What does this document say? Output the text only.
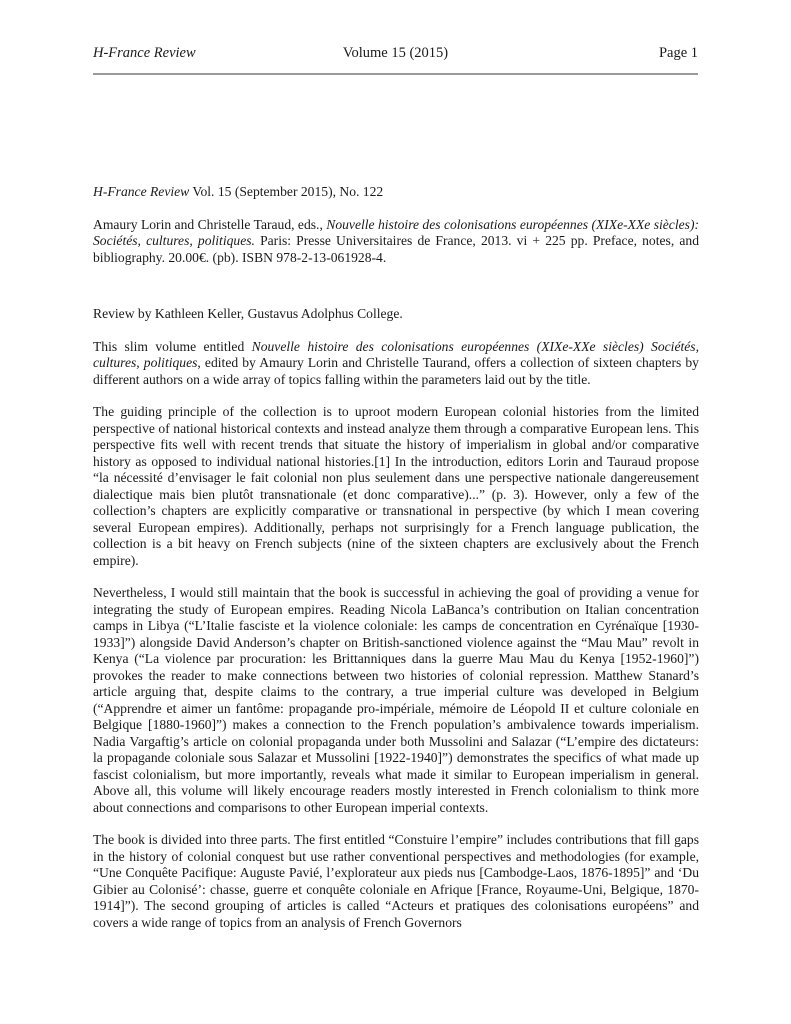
H-France Review	Volume 15 (2015)	Page 1

H-France Review Vol. 15 (September 2015), No. 122

Amaury Lorin and Christelle Taraud, eds., Nouvelle histoire des colonisations européennes (XIXe-XXe siècles): Sociétés, cultures, politiques. Paris: Presse Universitaires de France, 2013. vi + 225 pp. Preface, notes, and bibliography. 20.00€. (pb). ISBN 978-2-13-061928-4.

Review by Kathleen Keller, Gustavus Adolphus College.

This slim volume entitled Nouvelle histoire des colonisations européennes (XIXe-XXe siècles) Sociétés, cultures, politiques, edited by Amaury Lorin and Christelle Taurand, offers a collection of sixteen chapters by different authors on a wide array of topics falling within the parameters laid out by the title.

The guiding principle of the collection is to uproot modern European colonial histories from the limited perspective of national historical contexts and instead analyze them through a comparative European lens. This perspective fits well with recent trends that situate the history of imperialism in global and/or comparative history as opposed to individual national histories.[1] In the introduction, editors Lorin and Tauraud propose “la nécessité d’envisager le fait colonial non plus seulement dans une perspective nationale dangereusement dialectique mais bien plutôt transnationale (et donc comparative)...” (p. 3). However, only a few of the collection’s chapters are explicitly comparative or transnational in perspective (by which I mean covering several European empires). Additionally, perhaps not surprisingly for a French language publication, the collection is a bit heavy on French subjects (nine of the sixteen chapters are exclusively about the French empire).

Nevertheless, I would still maintain that the book is successful in achieving the goal of providing a venue for integrating the study of European empires. Reading Nicola LaBanca’s contribution on Italian concentration camps in Libya (“L’Italie fasciste et la violence coloniale: les camps de concentration en Cyrénaïque [1930-1933]”) alongside David Anderson’s chapter on British-sanctioned violence against the “Mau Mau” revolt in Kenya (“La violence par procuration: les Brittanniques dans la guerre Mau Mau du Kenya [1952-1960]”) provokes the reader to make connections between two histories of colonial repression. Matthew Stanard’s article arguing that, despite claims to the contrary, a true imperial culture was developed in Belgium (“Apprendre et aimer un fantôme: propagande pro-impériale, mémoire de Léopold II et culture coloniale en Belgique [1880-1960]”) makes a connection to the French population’s ambivalence towards imperialism. Nadia Vargaftig’s article on colonial propaganda under both Mussolini and Salazar (“L’empire des dictateurs: la propagande coloniale sous Salazar et Mussolini [1922-1940]”) demonstrates the specifics of what made up fascist colonialism, but more importantly, reveals what made it similar to European imperialism in general. Above all, this volume will likely encourage readers mostly interested in French colonialism to think more about connections and comparisons to other European imperial contexts.

The book is divided into three parts. The first entitled “Constuire l’empire” includes contributions that fill gaps in the history of colonial conquest but use rather conventional perspectives and methodologies (for example, “Une Conquête Pacifique: Auguste Pavié, l’explorateur aux pieds nus [Cambodge-Laos, 1876-1895]” and ‘Du Gibier au Colonisé’: chasse, guerre et conquête coloniale en Afrique [France, Royaume-Uni, Belgique, 1870-1914]”). The second grouping of articles is called “Acteurs et pratiques des colonisations européens” and covers a wide range of topics from an analysis of French Governors
